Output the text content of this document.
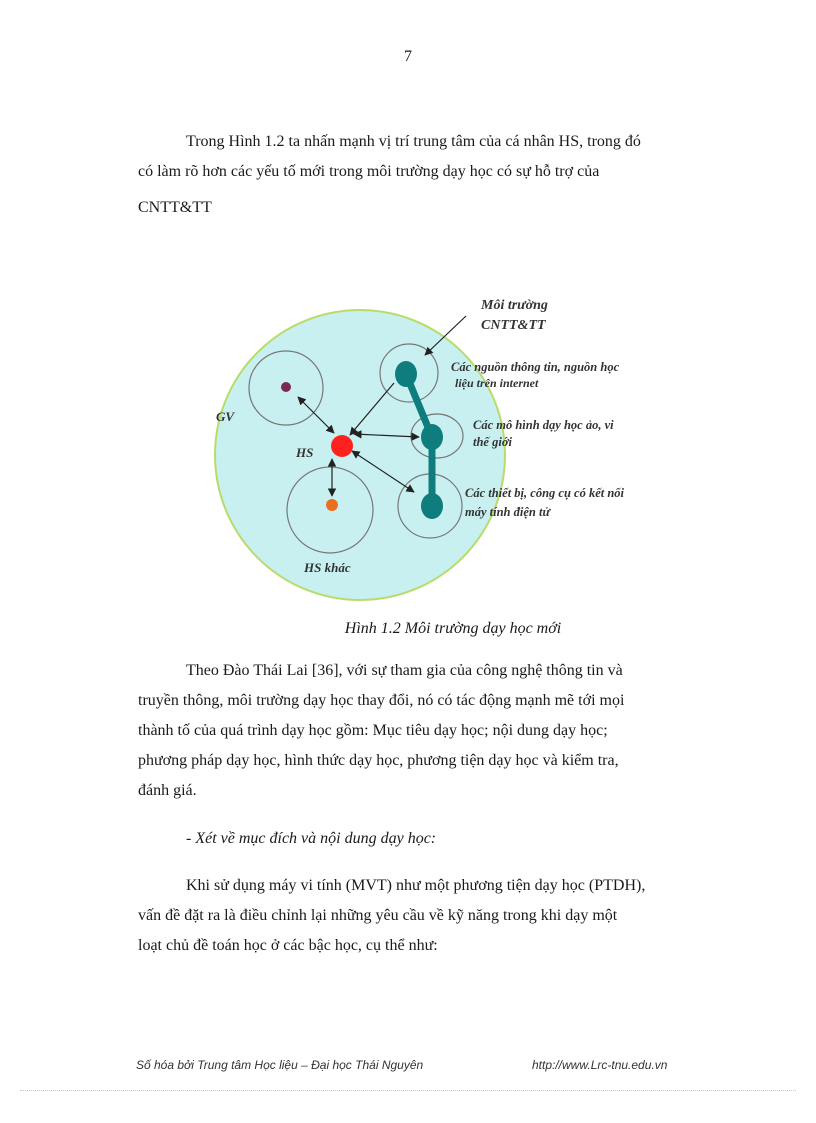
7

Trong Hình 1.2 ta nhấn mạnh vị trí trung tâm của cá nhân HS, trong đó
có làm rõ hơn các yếu tố mới trong môi trường dạy học có sự hỗ trợ của
CNTT&TT

GV
HS
HS khác
Môi trường
CNTT&TT
Các nguồn thông tin, nguồn học
liệu trên internet
Các mô hình dạy học ảo, vi
thế giới
Các thiết bị, công cụ có kết nối
máy tính điện tử
Hình 1.2 Môi trường dạy học mới

Theo Đào Thái Lai [36], với sự tham gia của công nghệ thông tin và
truyền thông, môi trường dạy học thay đổi, nó có tác động mạnh mẽ tới mọi
thành tố của quá trình dạy học gồm: Mục tiêu dạy học; nội dung dạy học;
phương pháp dạy học, hình thức dạy học, phương tiện dạy học và kiểm tra,
đánh giá.

- Xét về mục đích và nội dung dạy học:

Khi sử dụng máy vi tính (MVT) như một phương tiện dạy học (PTDH),
vấn đề đặt ra là điều chỉnh lại những yêu cầu về kỹ năng trong khi dạy một
loạt chủ đề toán học ở các bậc học, cụ thể như:

Số hóa bởi Trung tâm Học liệu – Đại học Thái Nguyên	http://www.Lrc-tnu.edu.vn
